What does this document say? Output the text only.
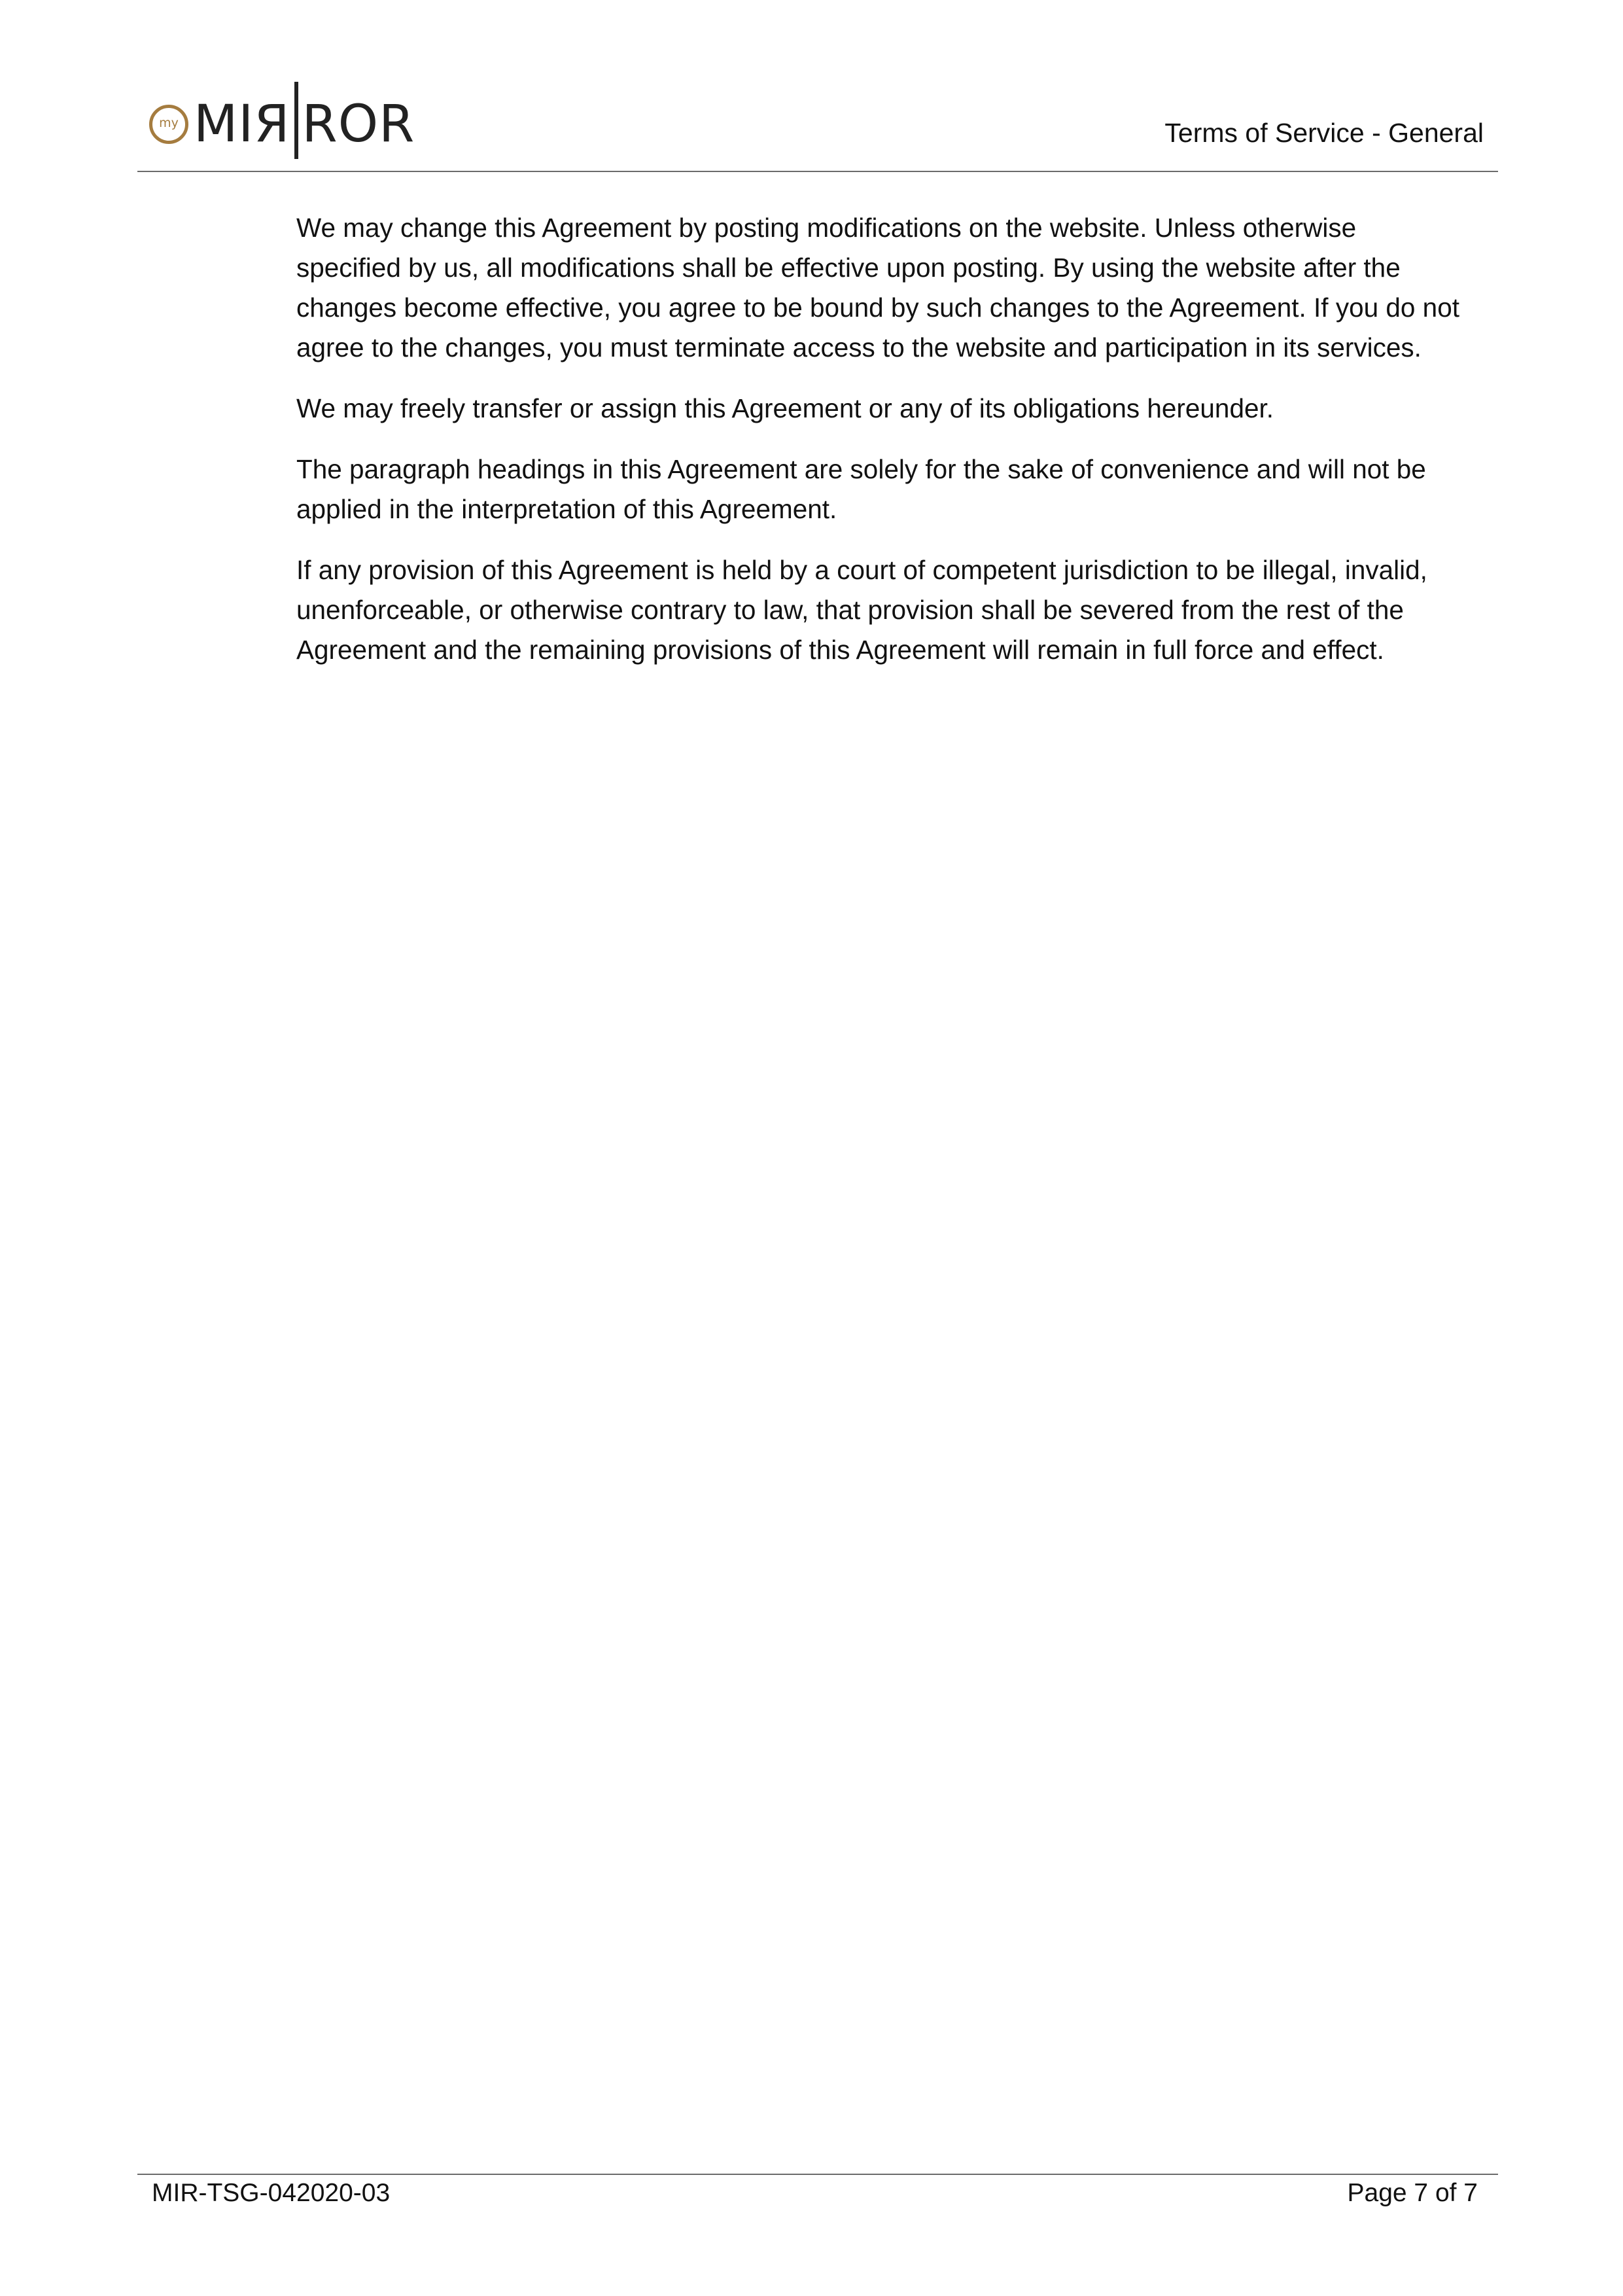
my MIЯ ROR	Terms of Service - General

We may change this Agreement by posting modifications on the website. Unless otherwise specified by us, all modifications shall be effective upon posting. By using the website after the changes become effective, you agree to be bound by such changes to the Agreement. If you do not agree to the changes, you must terminate access to the website and participation in its services.

We may freely transfer or assign this Agreement or any of its obligations hereunder.

The paragraph headings in this Agreement are solely for the sake of convenience and will not be applied in the interpretation of this Agreement.

If any provision of this Agreement is held by a court of competent jurisdiction to be illegal, invalid, unenforceable, or otherwise contrary to law, that provision shall be severed from the rest of the Agreement and the remaining provisions of this Agreement will remain in full force and effect.

MIR-TSG-042020-03	Page 7 of 7
